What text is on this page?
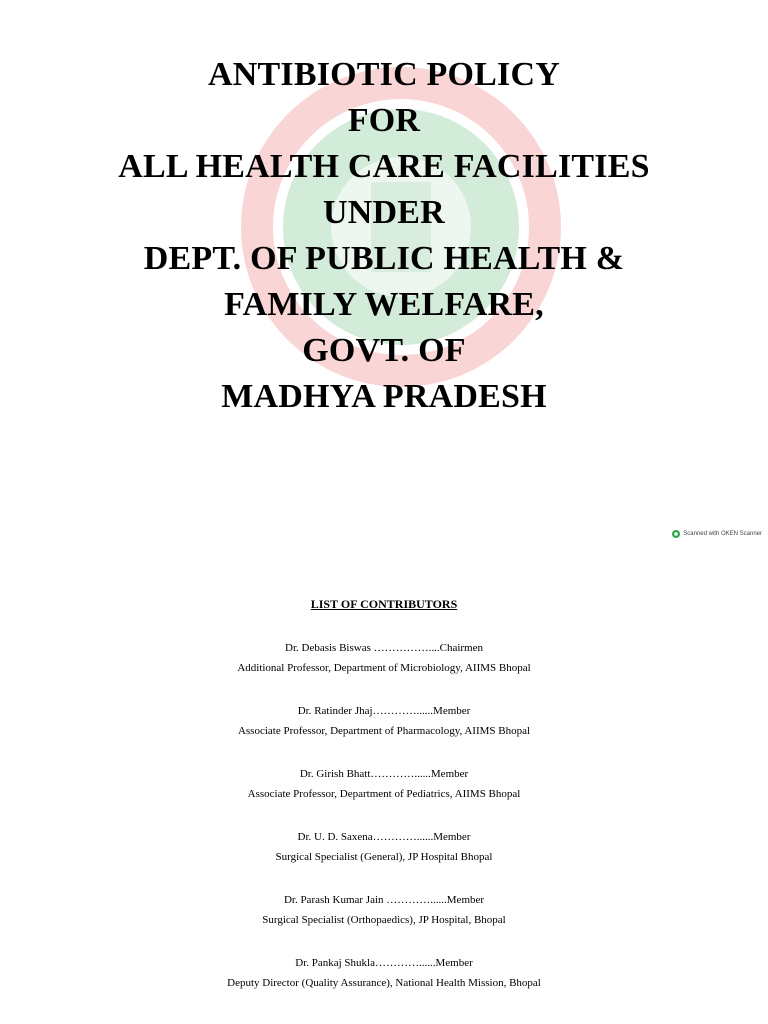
ANTIBIOTIC POLICY
FOR
ALL HEALTH CARE FACILITIES
UNDER
DEPT. OF PUBLIC HEALTH &
FAMILY WELFARE,
GOVT. OF
MADHYA PRADESH
Scanned with OKEN Scanner
LIST OF CONTRIBUTORS
Dr. Debasis Biswas ……………....Chairmen
Additional Professor, Department of Microbiology, AIIMS Bhopal
Dr. Ratinder Jhaj…………......Member
Associate Professor, Department of Pharmacology, AIIMS Bhopal
Dr. Girish Bhatt…………......Member
Associate Professor, Department of Pediatrics, AIIMS Bhopal
Dr. U. D. Saxena…………......Member
Surgical Specialist (General), JP Hospital Bhopal
Dr. Parash Kumar Jain …………......Member
Surgical Specialist (Orthopaedics), JP Hospital, Bhopal
Dr. Pankaj Shukla…………......Member
Deputy Director (Quality Assurance), National Health Mission, Bhopal
